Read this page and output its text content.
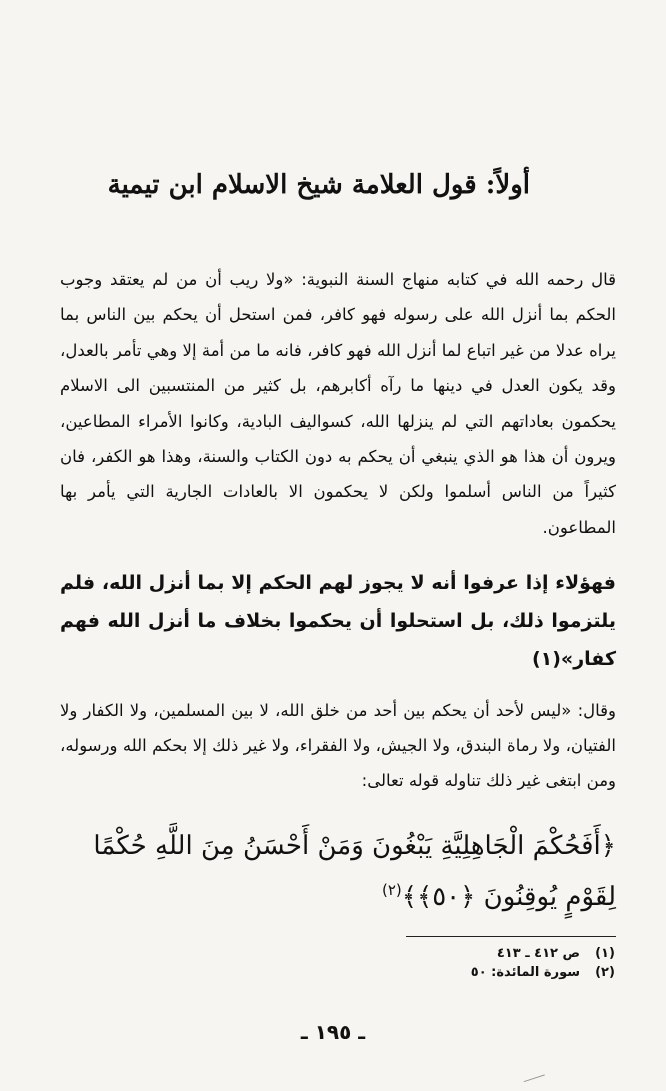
أولاً: قول العلامة شيخ الاسلام ابن تيمية
قال رحمه الله في كتابه منهاج السنة النبوية: «ولا ريب أن من لم يعتقد وجوب الحكم بما أنزل الله على رسوله فهو كافر، فمن استحل أن يحكم بين الناس بما يراه عدلا من غير اتباع لما أنزل الله فهو كافر، فانه ما من أمة إلا وهي تأمر بالعدل، وقد يكون العدل في دينها ما رآه أكابرهم، بل كثير من المنتسبين الى الاسلام يحكمون بعاداتهم التي لم ينزلها الله، كسواليف البادية، وكانوا الأمراء المطاعين، ويرون أن هذا هو الذي ينبغي أن يحكم به دون الكتاب والسنة، وهذا هو الكفر، فان كثيراً من الناس أسلموا ولكن لا يحكمون الا بالعادات الجارية التي يأمر بها المطاعون.
فهؤلاء إذا عرفوا أنه لا يجوز لهم الحكم إلا بما أنزل الله، فلم يلتزموا ذلك، بل استحلوا أن يحكموا بخلاف ما أنزل الله فهم كفار»(١)
وقال: «ليس لأحد أن يحكم بين أحد من خلق الله، لا بين المسلمين، ولا الكفار ولا الفتيان، ولا رماة البندق، ولا الجيش، ولا الفقراء، ولا غير ذلك إلا بحكم الله ورسوله، ومن ابتغى غير ذلك تناوله قوله تعالى:
﴿أَفَحُكْمَ الْجَاهِلِيَّةِ يَبْغُونَ وَمَنْ أَحْسَنُ مِنَ اللَّهِ حُكْمًا لِقَوْمٍ يُوقِنُونَ ﴿٥٠﴾﴾$^{(٢)}$
(١)
ص ٤١٢ ـ ٤١٣
(٢)
سورة المائدة: ٥٠
ـ ١٩٥ ـ
